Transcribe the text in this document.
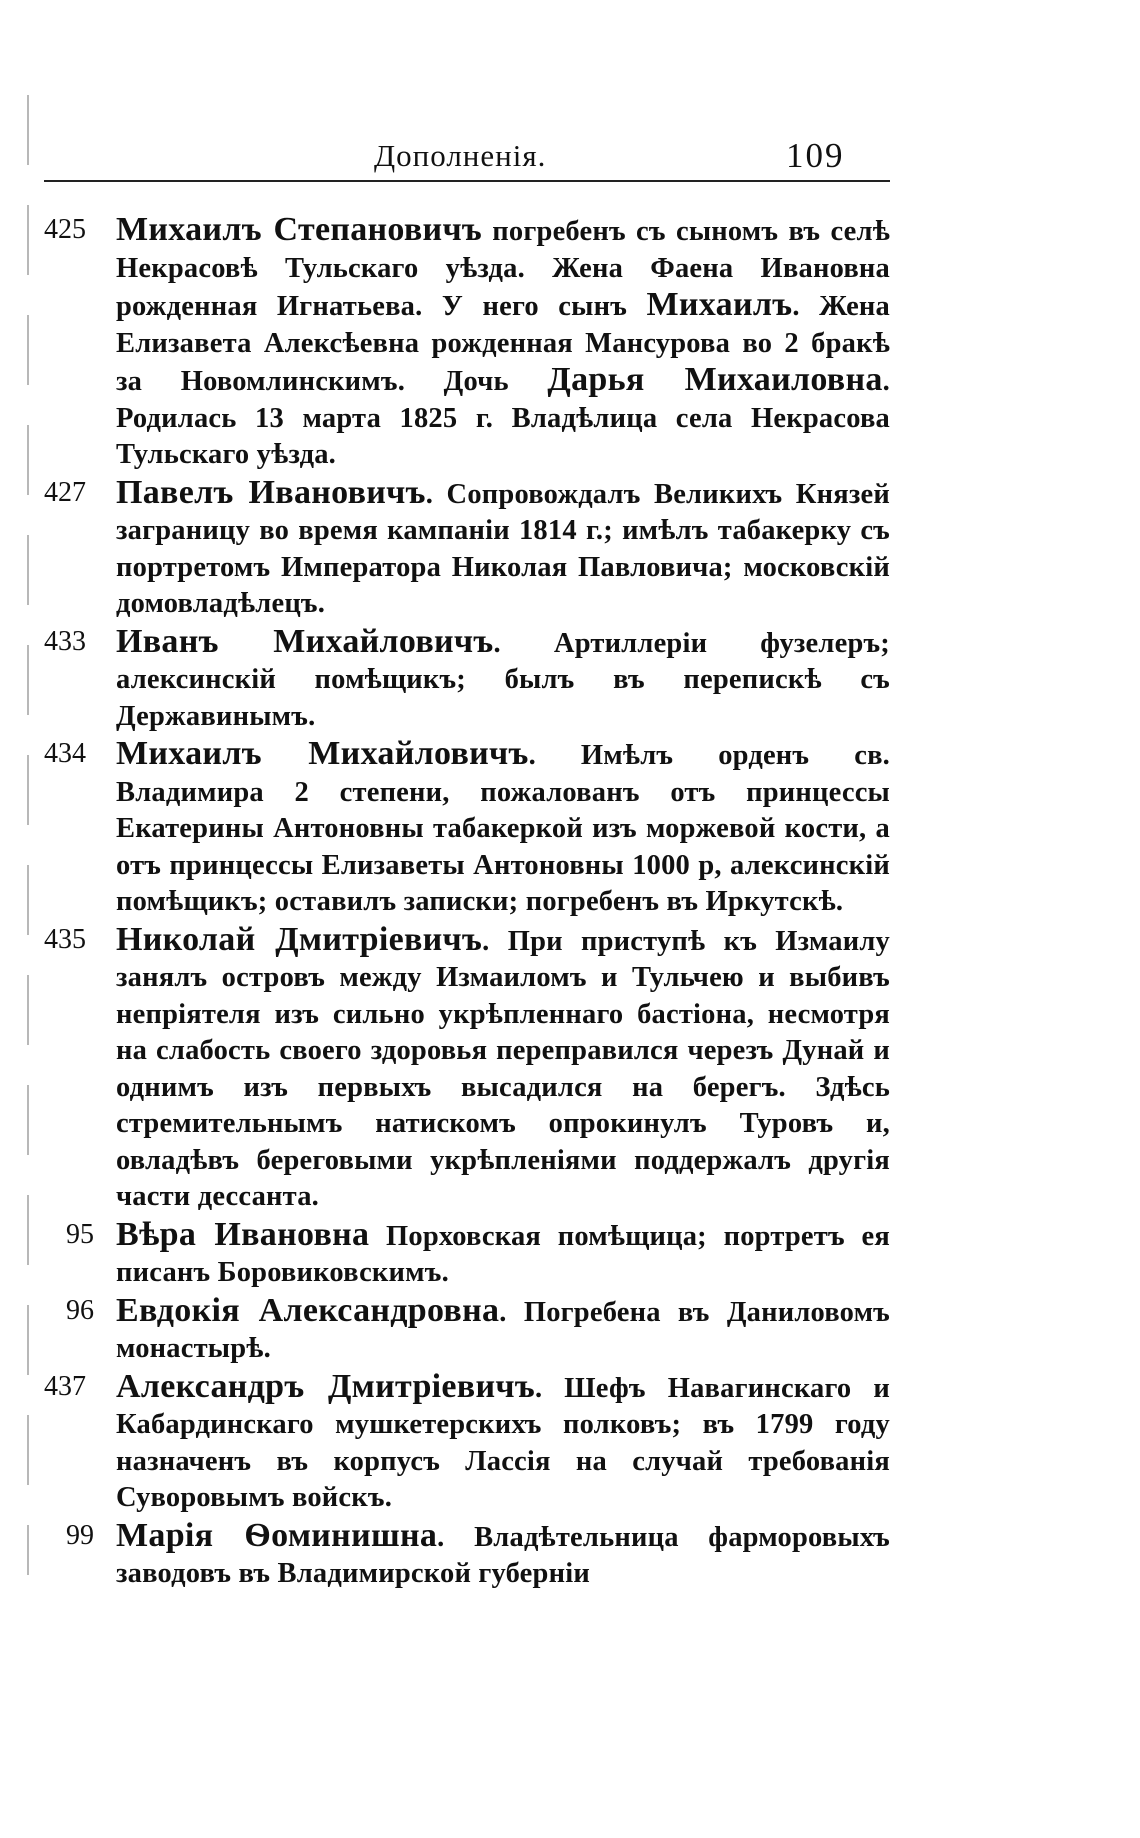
Дополненія.	109
425 Михаилъ Степановичъ погребенъ съ сыномъ въ селѣ Некрасовѣ Тульскаго уѣзда. Жена Фаена Ивановна рожденная Игнатьева. У него сынъ Михаилъ. Жена Елизавета Алексѣевна рожденная Мансурова во 2 бракѣ за Новомлинскимъ. Дочь Дарья Михаиловна. Родилась 13 марта 1825 г. Владѣлица села Некрасова Тульскаго уѣзда.
427 Павелъ Ивановичъ. Сопровождалъ Великихъ Князей заграницу во время кампаніи 1814 г.; имѣлъ табакерку съ портретомъ Императора Николая Павловича; московскій домовладѣлецъ.
433 Иванъ Михайловичъ. Артиллеріи фузелеръ; алексинскій помѣщикъ; былъ въ перепискѣ съ Державинымъ.
434 Михаилъ Михайловичъ. Имѣлъ орденъ св. Владимира 2 степени, пожалованъ отъ принцессы Екатерины Антоновны табакеркой изъ моржевой кости, а отъ принцессы Елизаветы Антоновны 1000 р, алексинскій помѣщикъ; оставилъ записки; погребенъ въ Иркутскѣ.
435 Николай Дмитріевичъ. При приступѣ къ Измаилу занялъ островъ между Измаиломъ и Тульчею и выбивъ непріятеля изъ сильно укрѣпленнаго бастіона, несмотря на слабость своего здоровья переправился черезъ Дунай и однимъ изъ первыхъ высадился на берегъ. Здѣсь стремительнымъ натискомъ опрокинулъ Туровъ и, овладѣвъ береговыми укрѣпленіями поддержалъ другія части дессанта.
95 Вѣра Ивановна Порховская помѣщица; портретъ ея писанъ Боровиковскимъ.
96 Евдокія Александровна. Погребена въ Даниловомъ монастырѣ.
437 Александръ Дмитріевичъ. Шефъ Навагинскаго и Кабардинскаго мушкетерскихъ полковъ; въ 1799 году назначенъ въ корпусъ Лассія на случай требованія Суворовымъ войскъ.
99 Марія Ѳоминишна. Владѣтельница фарморовыхъ заводовъ въ Владимирской губерніи
